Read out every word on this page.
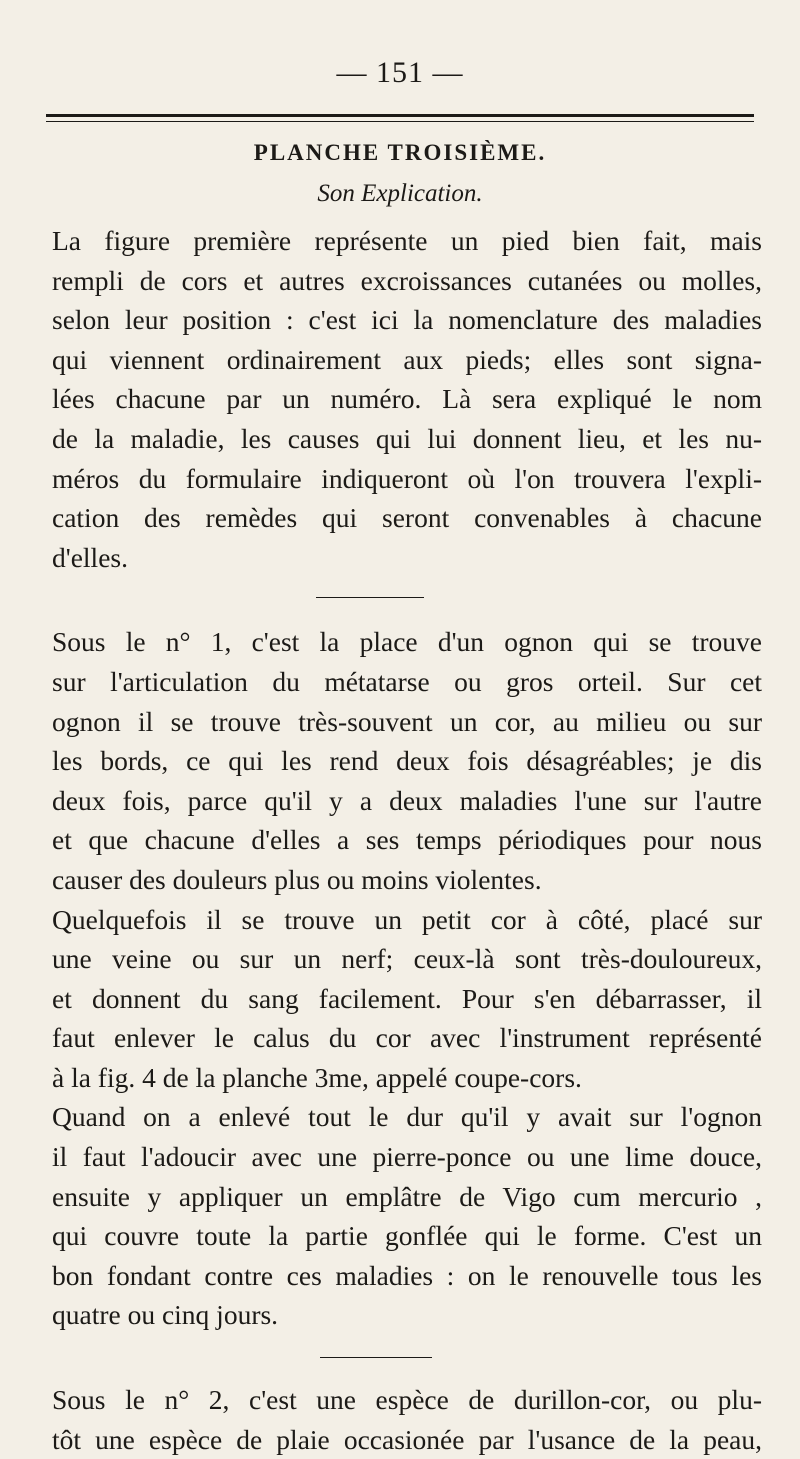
— 151 —
PLANCHE TROISIÈME.
Son Explication.
La figure première représente un pied bien fait, mais
rempli de cors et autres excroissances cutanées ou molles,
selon leur position : c'est ici la nomenclature des maladies
qui viennent ordinairement aux pieds; elles sont signa-
lées chacune par un numéro. Là sera expliqué le nom
de la maladie, les causes qui lui donnent lieu, et les nu-
méros du formulaire indiqueront où l'on trouvera l'expli-
cation des remèdes qui seront convenables à chacune
d'elles.
Sous le n° 1, c'est la place d'un ognon qui se trouve
sur l'articulation du métatarse ou gros orteil. Sur cet
ognon il se trouve très-souvent un cor, au milieu ou sur
les bords, ce qui les rend deux fois désagréables; je dis
deux fois, parce qu'il y a deux maladies l'une sur l'autre
et que chacune d'elles a ses temps périodiques pour nous
causer des douleurs plus ou moins violentes.
Quelquefois il se trouve un petit cor à côté, placé sur
une veine ou sur un nerf; ceux-là sont très-douloureux,
et donnent du sang facilement. Pour s'en débarrasser, il
faut enlever le calus du cor avec l'instrument représenté
à la fig. 4 de la planche 3me, appelé coupe-cors.
Quand on a enlevé tout le dur qu'il y avait sur l'ognon
il faut l'adoucir avec une pierre-ponce ou une lime douce,
ensuite y appliquer un emplâtre de Vigo cum mercurio ,
qui couvre toute la partie gonflée qui le forme. C'est un
bon fondant contre ces maladies : on le renouvelle tous les
quatre ou cinq jours.
Sous le n° 2, c'est une espèce de durillon-cor, ou plu-
tôt une espèce de plaie occasionée par l'usance de la peau,
